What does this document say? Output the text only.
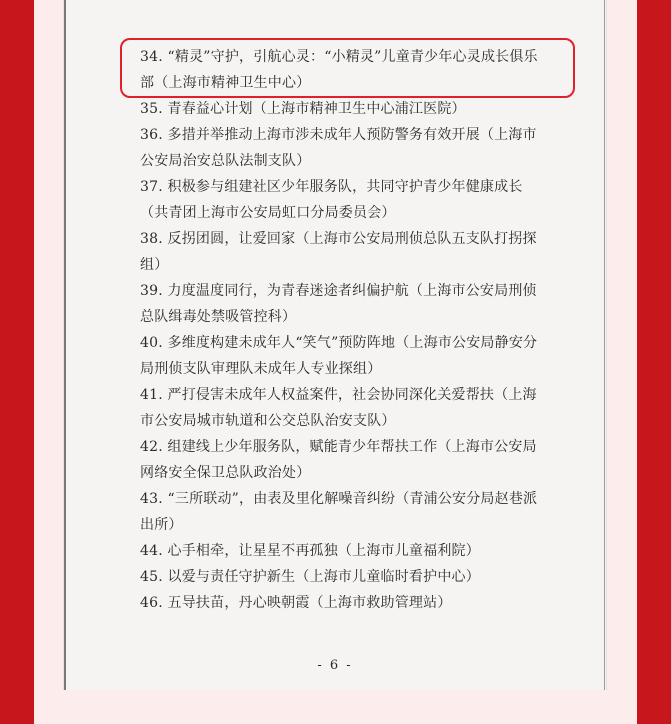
34. “精灵”守护，引航心灵：“小精灵”儿童青少年心灵成长俱乐部（上海市精神卫生中心）
35. 青春益心计划（上海市精神卫生中心浦江医院）
36. 多措并举推动上海市涉未成年人预防警务有效开展（上海市公安局治安总队法制支队）
37. 积极参与组建社区少年服务队，共同守护青少年健康成长（共青团上海市公安局虹口分局委员会）
38. 反拐团圆，让爱回家（上海市公安局刑侦总队五支队打拐探组）
39. 力度温度同行，为青春迷途者纠偏护航（上海市公安局刑侦总队缉毒处禁吸管控科）
40. 多维度构建未成年人“笑气”预防阵地（上海市公安局静安分局刑侦支队审理队未成年人专业探组）
41. 严打侵害未成年人权益案件，社会协同深化关爱帮扶（上海市公安局城市轨道和公交总队治安支队）
42. 组建线上少年服务队，赋能青少年帮扶工作（上海市公安局网络安全保卫总队政治处）
43. “三所联动”，由表及里化解噪音纠纷（青浦公安分局赵巷派出所）
44. 心手相牵，让星星不再孤独（上海市儿童福利院）
45. 以爱与责任守护新生（上海市儿童临时看护中心）
46. 五导扶苗，丹心映朝霞（上海市救助管理站）
- 6 -
